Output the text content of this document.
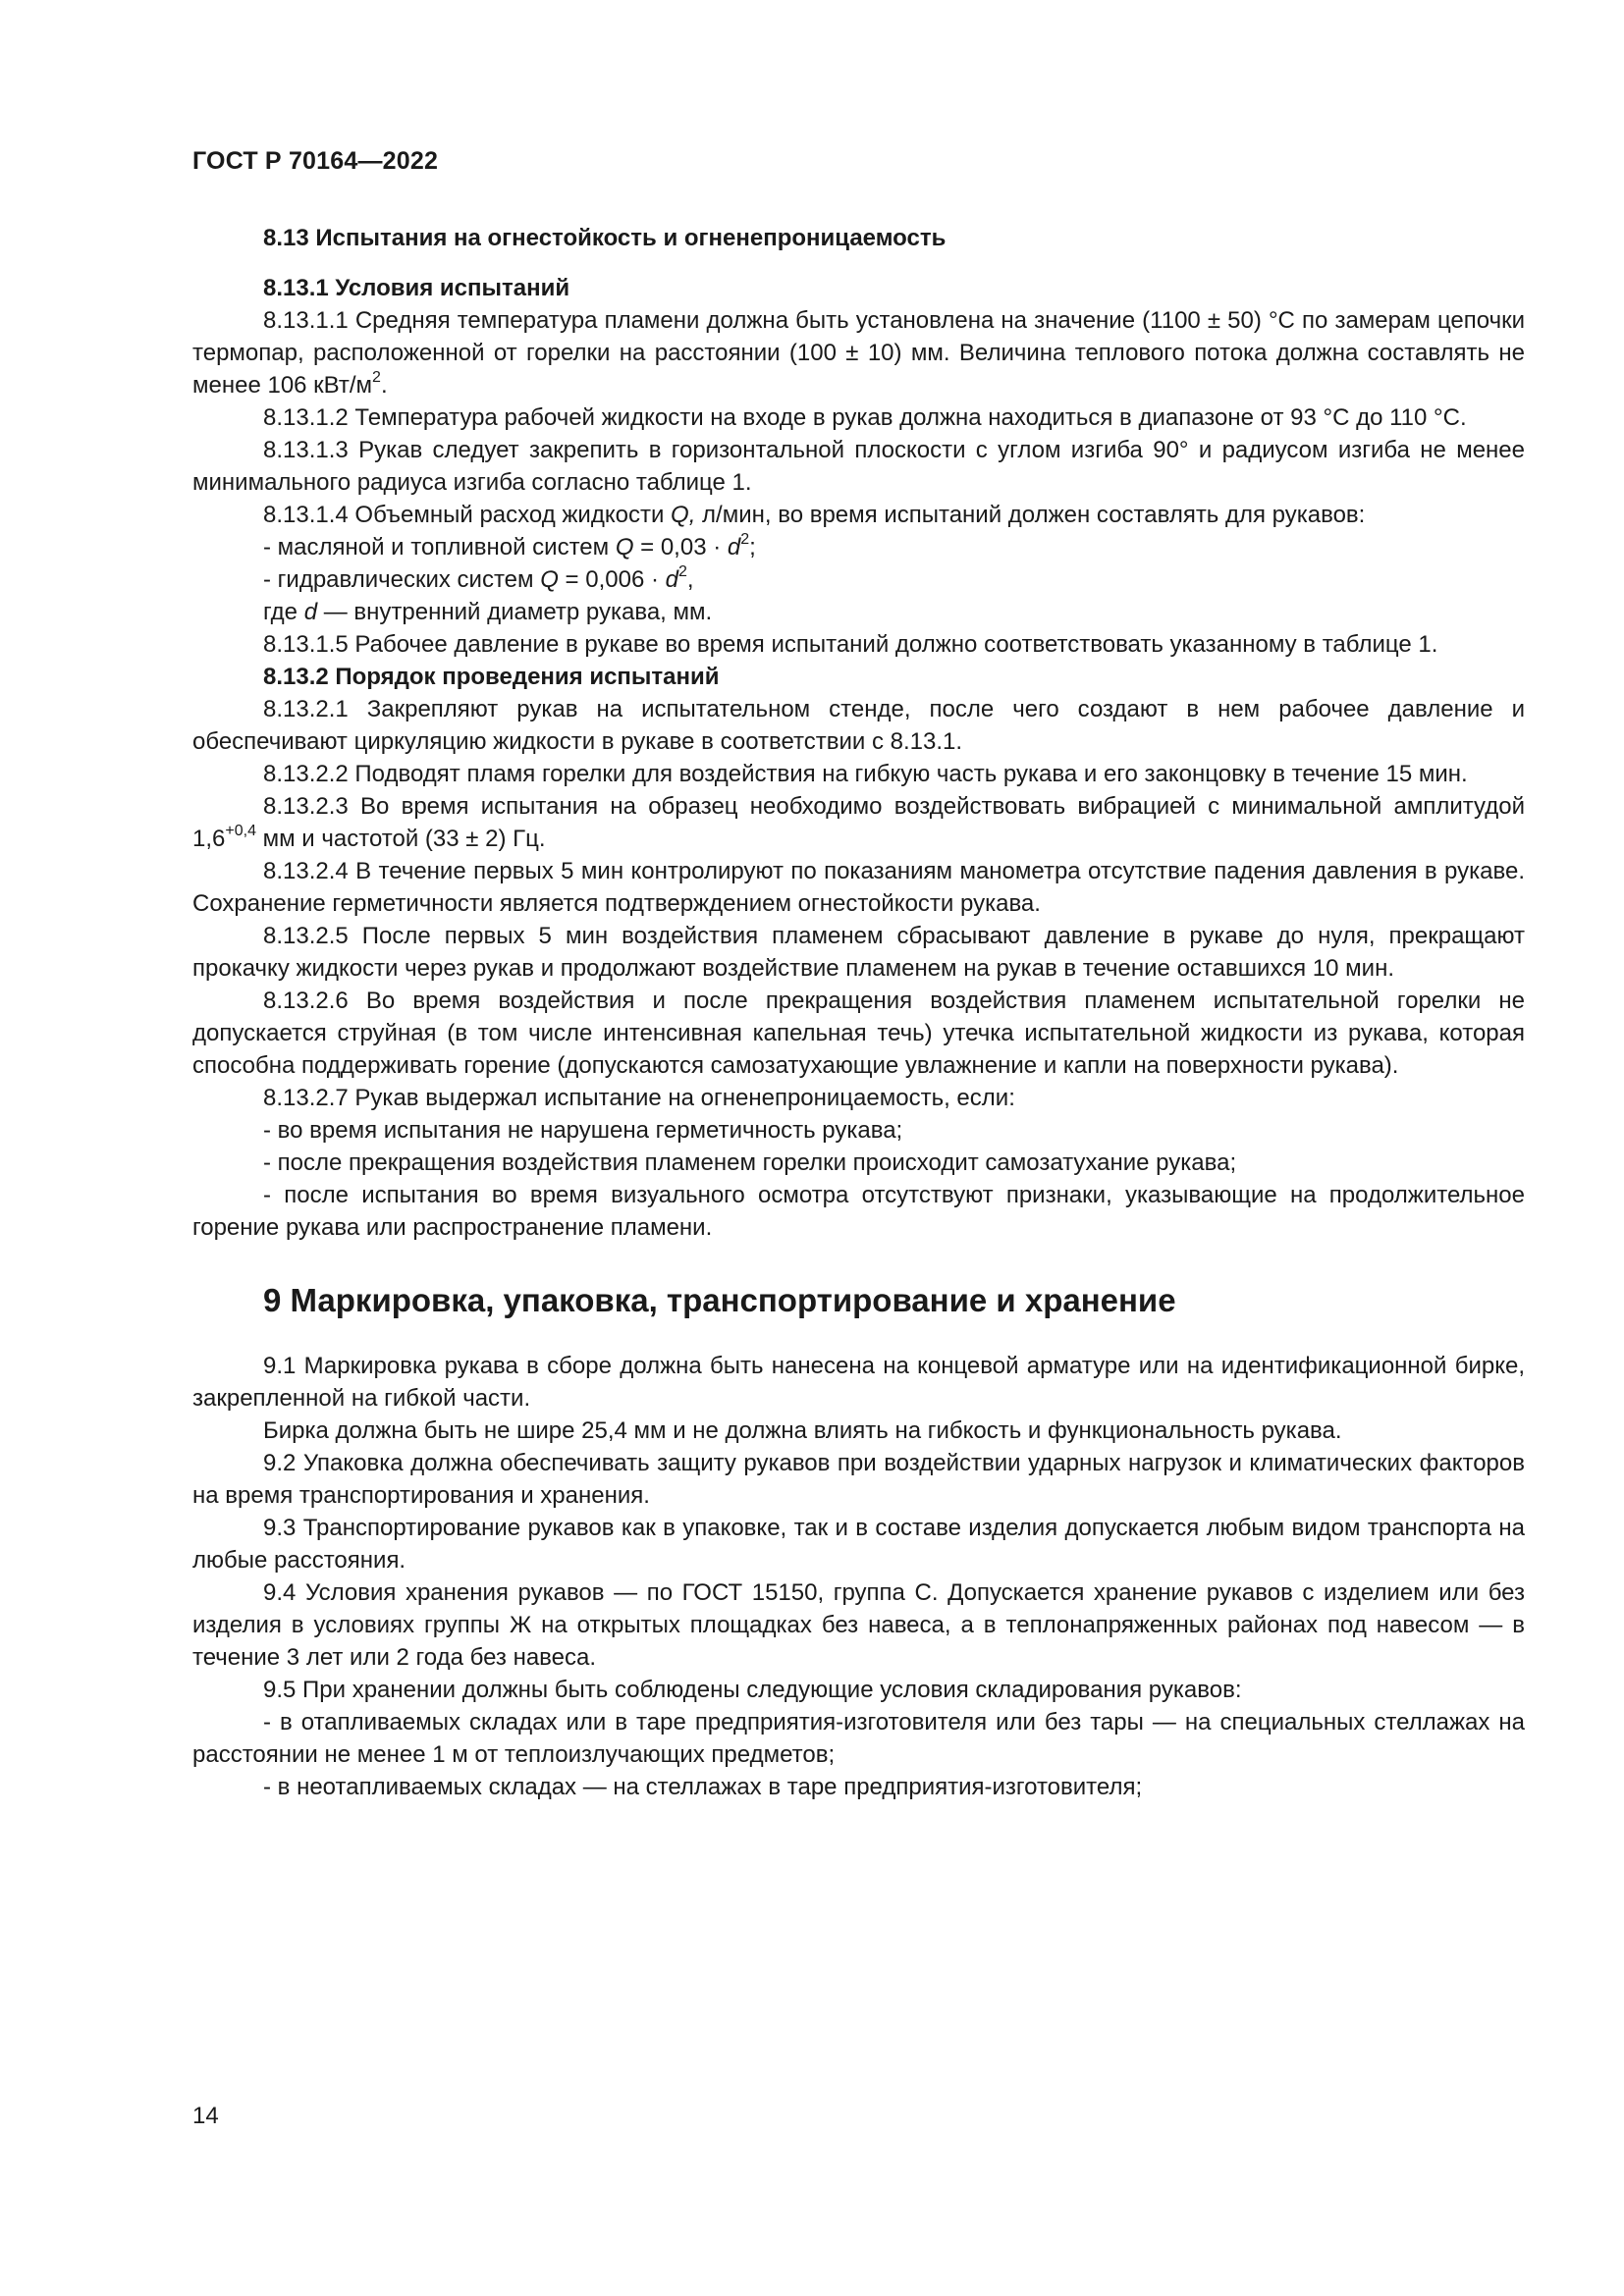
ГОСТ Р 70164—2022

8.13 Испытания на огнестойкость и огненепроницаемость

8.13.1 Условия испытаний

8.13.1.1 Средняя температура пламени должна быть установлена на значение (1100 ± 50) °С по замерам цепочки термопар, расположенной от горелки на расстоянии (100 ± 10) мм. Величина теплового потока должна составлять не менее 106 кВт/$м^2$.

8.13.1.2 Температура рабочей жидкости на входе в рукав должна находиться в диапазоне от 93 °С до 110 °С.

8.13.1.3 Рукав следует закрепить в горизонтальной плоскости с углом изгиба 90° и радиусом изгиба не менее минимального радиуса изгиба согласно таблице 1.

8.13.1.4 Объемный расход жидкости Q, л/мин, во время испытаний должен составлять для рукавов:

- масляной и топливной систем $Q = 0,03 \cdot d^2$;

- гидравлических систем $Q = 0,006 \cdot d^2$,

где d — внутренний диаметр рукава, мм.

8.13.1.5 Рабочее давление в рукаве во время испытаний должно соответствовать указанному в таблице 1.

8.13.2 Порядок проведения испытаний

8.13.2.1 Закрепляют рукав на испытательном стенде, после чего создают в нем рабочее давление и обеспечивают циркуляцию жидкости в рукаве в соответствии с 8.13.1.

8.13.2.2 Подводят пламя горелки для воздействия на гибкую часть рукава и его законцовку в течение 15 мин.

8.13.2.3 Во время испытания на образец необходимо воздействовать вибрацией с минимальной амплитудой $1,6^{+0,4}$ мм и частотой (33 ± 2) Гц.

8.13.2.4 В течение первых 5 мин контролируют по показаниям манометра отсутствие падения давления в рукаве. Сохранение герметичности является подтверждением огнестойкости рукава.

8.13.2.5 После первых 5 мин воздействия пламенем сбрасывают давление в рукаве до нуля, прекращают прокачку жидкости через рукав и продолжают воздействие пламенем на рукав в течение оставшихся 10 мин.

8.13.2.6 Во время воздействия и после прекращения воздействия пламенем испытательной горелки не допускается струйная (в том числе интенсивная капельная течь) утечка испытательной жидкости из рукава, которая способна поддерживать горение (допускаются самозатухающие увлажнение и капли на поверхности рукава).

8.13.2.7 Рукав выдержал испытание на огненепроницаемость, если:

- во время испытания не нарушена герметичность рукава;

- после прекращения воздействия пламенем горелки происходит самозатухание рукава;

- после испытания во время визуального осмотра отсутствуют признаки, указывающие на продолжительное горение рукава или распространение пламени.

9 Маркировка, упаковка, транспортирование и хранение

9.1 Маркировка рукава в сборе должна быть нанесена на концевой арматуре или на идентификационной бирке, закрепленной на гибкой части.

Бирка должна быть не шире 25,4 мм и не должна влиять на гибкость и функциональность рукава.

9.2 Упаковка должна обеспечивать защиту рукавов при воздействии ударных нагрузок и климатических факторов на время транспортирования и хранения.

9.3 Транспортирование рукавов как в упаковке, так и в составе изделия допускается любым видом транспорта на любые расстояния.

9.4 Условия хранения рукавов — по ГОСТ 15150, группа С. Допускается хранение рукавов с изделием или без изделия в условиях группы Ж на открытых площадках без навеса, а в теплонапряженных районах под навесом — в течение 3 лет или 2 года без навеса.

9.5 При хранении должны быть соблюдены следующие условия складирования рукавов:

- в отапливаемых складах или в таре предприятия-изготовителя или без тары — на специальных стеллажах на расстоянии не менее 1 м от теплоизлучающих предметов;

- в неотапливаемых складах — на стеллажах в таре предприятия-изготовителя;

14
